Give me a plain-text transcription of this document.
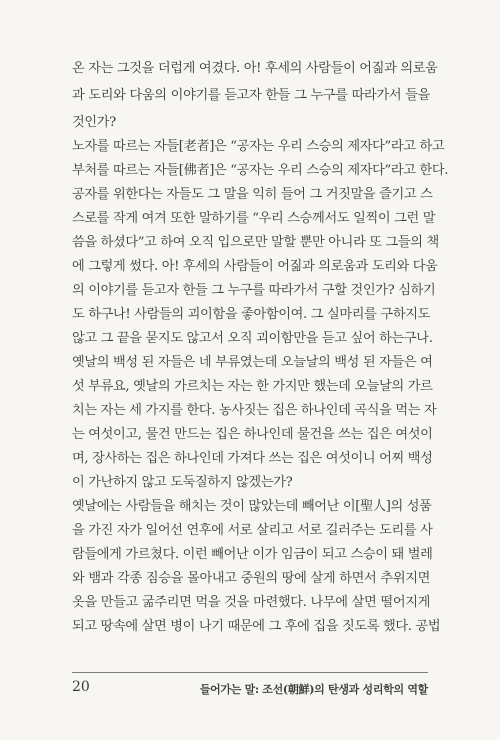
온 자는 그것을 더럽게 여겼다. 아! 후세의 사람들이 어짊과 의로움
과 도리와 다움의 이야기를 듣고자 한들 그 누구를 따라가서 들을
것인가?
노자를 따르는 자들[老者]은 “공자는 우리 스승의 제자다”라고 하고
부처를 따르는 자들[佛者]은 “공자는 우리 스승의 제자다”라고 한다.
공자를 위한다는 자들도 그 말을 익히 들어 그 거짓말을 즐기고 스
스로를 작게 여겨 또한 말하기를 “우리 스승께서도 일찍이 그런 말
씀을 하셨다”고 하여 오직 입으로만 말할 뿐만 아니라 또 그들의 책
에 그렇게 썼다. 아! 후세의 사람들이 어짊과 의로움과 도리와 다움
의 이야기를 듣고자 한들 그 누구를 따라가서 구할 것인가? 심하기
도 하구나! 사람들의 괴이함을 좋아함이여. 그 실마리를 구하지도
않고 그 끝을 묻지도 않고서 오직 괴이함만을 듣고 싶어 하는구나.
옛날의 백성 된 자들은 네 부류였는데 오늘날의 백성 된 자들은 여
섯 부류요, 옛날의 가르치는 자는 한 가지만 했는데 오늘날의 가르
치는 자는 세 가지를 한다. 농사짓는 집은 하나인데 곡식을 먹는 자
는 여섯이고, 물건 만드는 집은 하나인데 물건을 쓰는 집은 여섯이
며, 장사하는 집은 하나인데 가져다 쓰는 집은 여섯이니 어찌 백성
이 가난하지 않고 도둑질하지 않겠는가?
옛날에는 사람들을 해치는 것이 많았는데 빼어난 이[聖人]의 성품
을 가진 자가 일어선 연후에 서로 살리고 서로 길러주는 도리를 사
람들에게 가르쳤다. 이런 빼어난 이가 임금이 되고 스승이 돼 벌레
와 뱀과 각종 짐승을 몰아내고 중원의 땅에 살게 하면서 추위지면
옷을 만들고 굶주리면 먹을 것을 마련했다. 나무에 살면 떨어지게
되고 땅속에 살면 병이 나기 때문에 그 후에 집을 짓도록 했다. 공법
20	들어가는 말: 조선(朝鮮)의 탄생과 성리학의 역할
